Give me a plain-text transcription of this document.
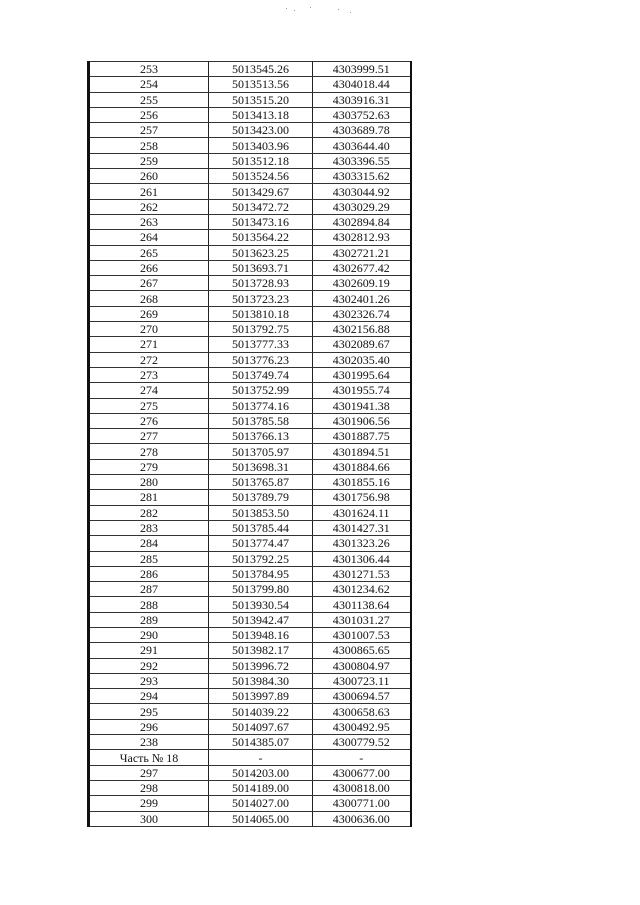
253	5013545.26	4303999.51
254	5013513.56	4304018.44
255	5013515.20	4303916.31
256	5013413.18	4303752.63
257	5013423.00	4303689.78
258	5013403.96	4303644.40
259	5013512.18	4303396.55
260	5013524.56	4303315.62
261	5013429.67	4303044.92
262	5013472.72	4303029.29
263	5013473.16	4302894.84
264	5013564.22	4302812.93
265	5013623.25	4302721.21
266	5013693.71	4302677.42
267	5013728.93	4302609.19
268	5013723.23	4302401.26
269	5013810.18	4302326.74
270	5013792.75	4302156.88
271	5013777.33	4302089.67
272	5013776.23	4302035.40
273	5013749.74	4301995.64
274	5013752.99	4301955.74
275	5013774.16	4301941.38
276	5013785.58	4301906.56
277	5013766.13	4301887.75
278	5013705.97	4301894.51
279	5013698.31	4301884.66
280	5013765.87	4301855.16
281	5013789.79	4301756.98
282	5013853.50	4301624.11
283	5013785.44	4301427.31
284	5013774.47	4301323.26
285	5013792.25	4301306.44
286	5013784.95	4301271.53
287	5013799.80	4301234.62
288	5013930.54	4301138.64
289	5013942.47	4301031.27
290	5013948.16	4301007.53
291	5013982.17	4300865.65
292	5013996.72	4300804.97
293	5013984.30	4300723.11
294	5013997.89	4300694.57
295	5014039.22	4300658.63
296	5014097.67	4300492.95
238	5014385.07	4300779.52
Часть № 18	-	-
297	5014203.00	4300677.00
298	5014189.00	4300818.00
299	5014027.00	4300771.00
300	5014065.00	4300636.00
